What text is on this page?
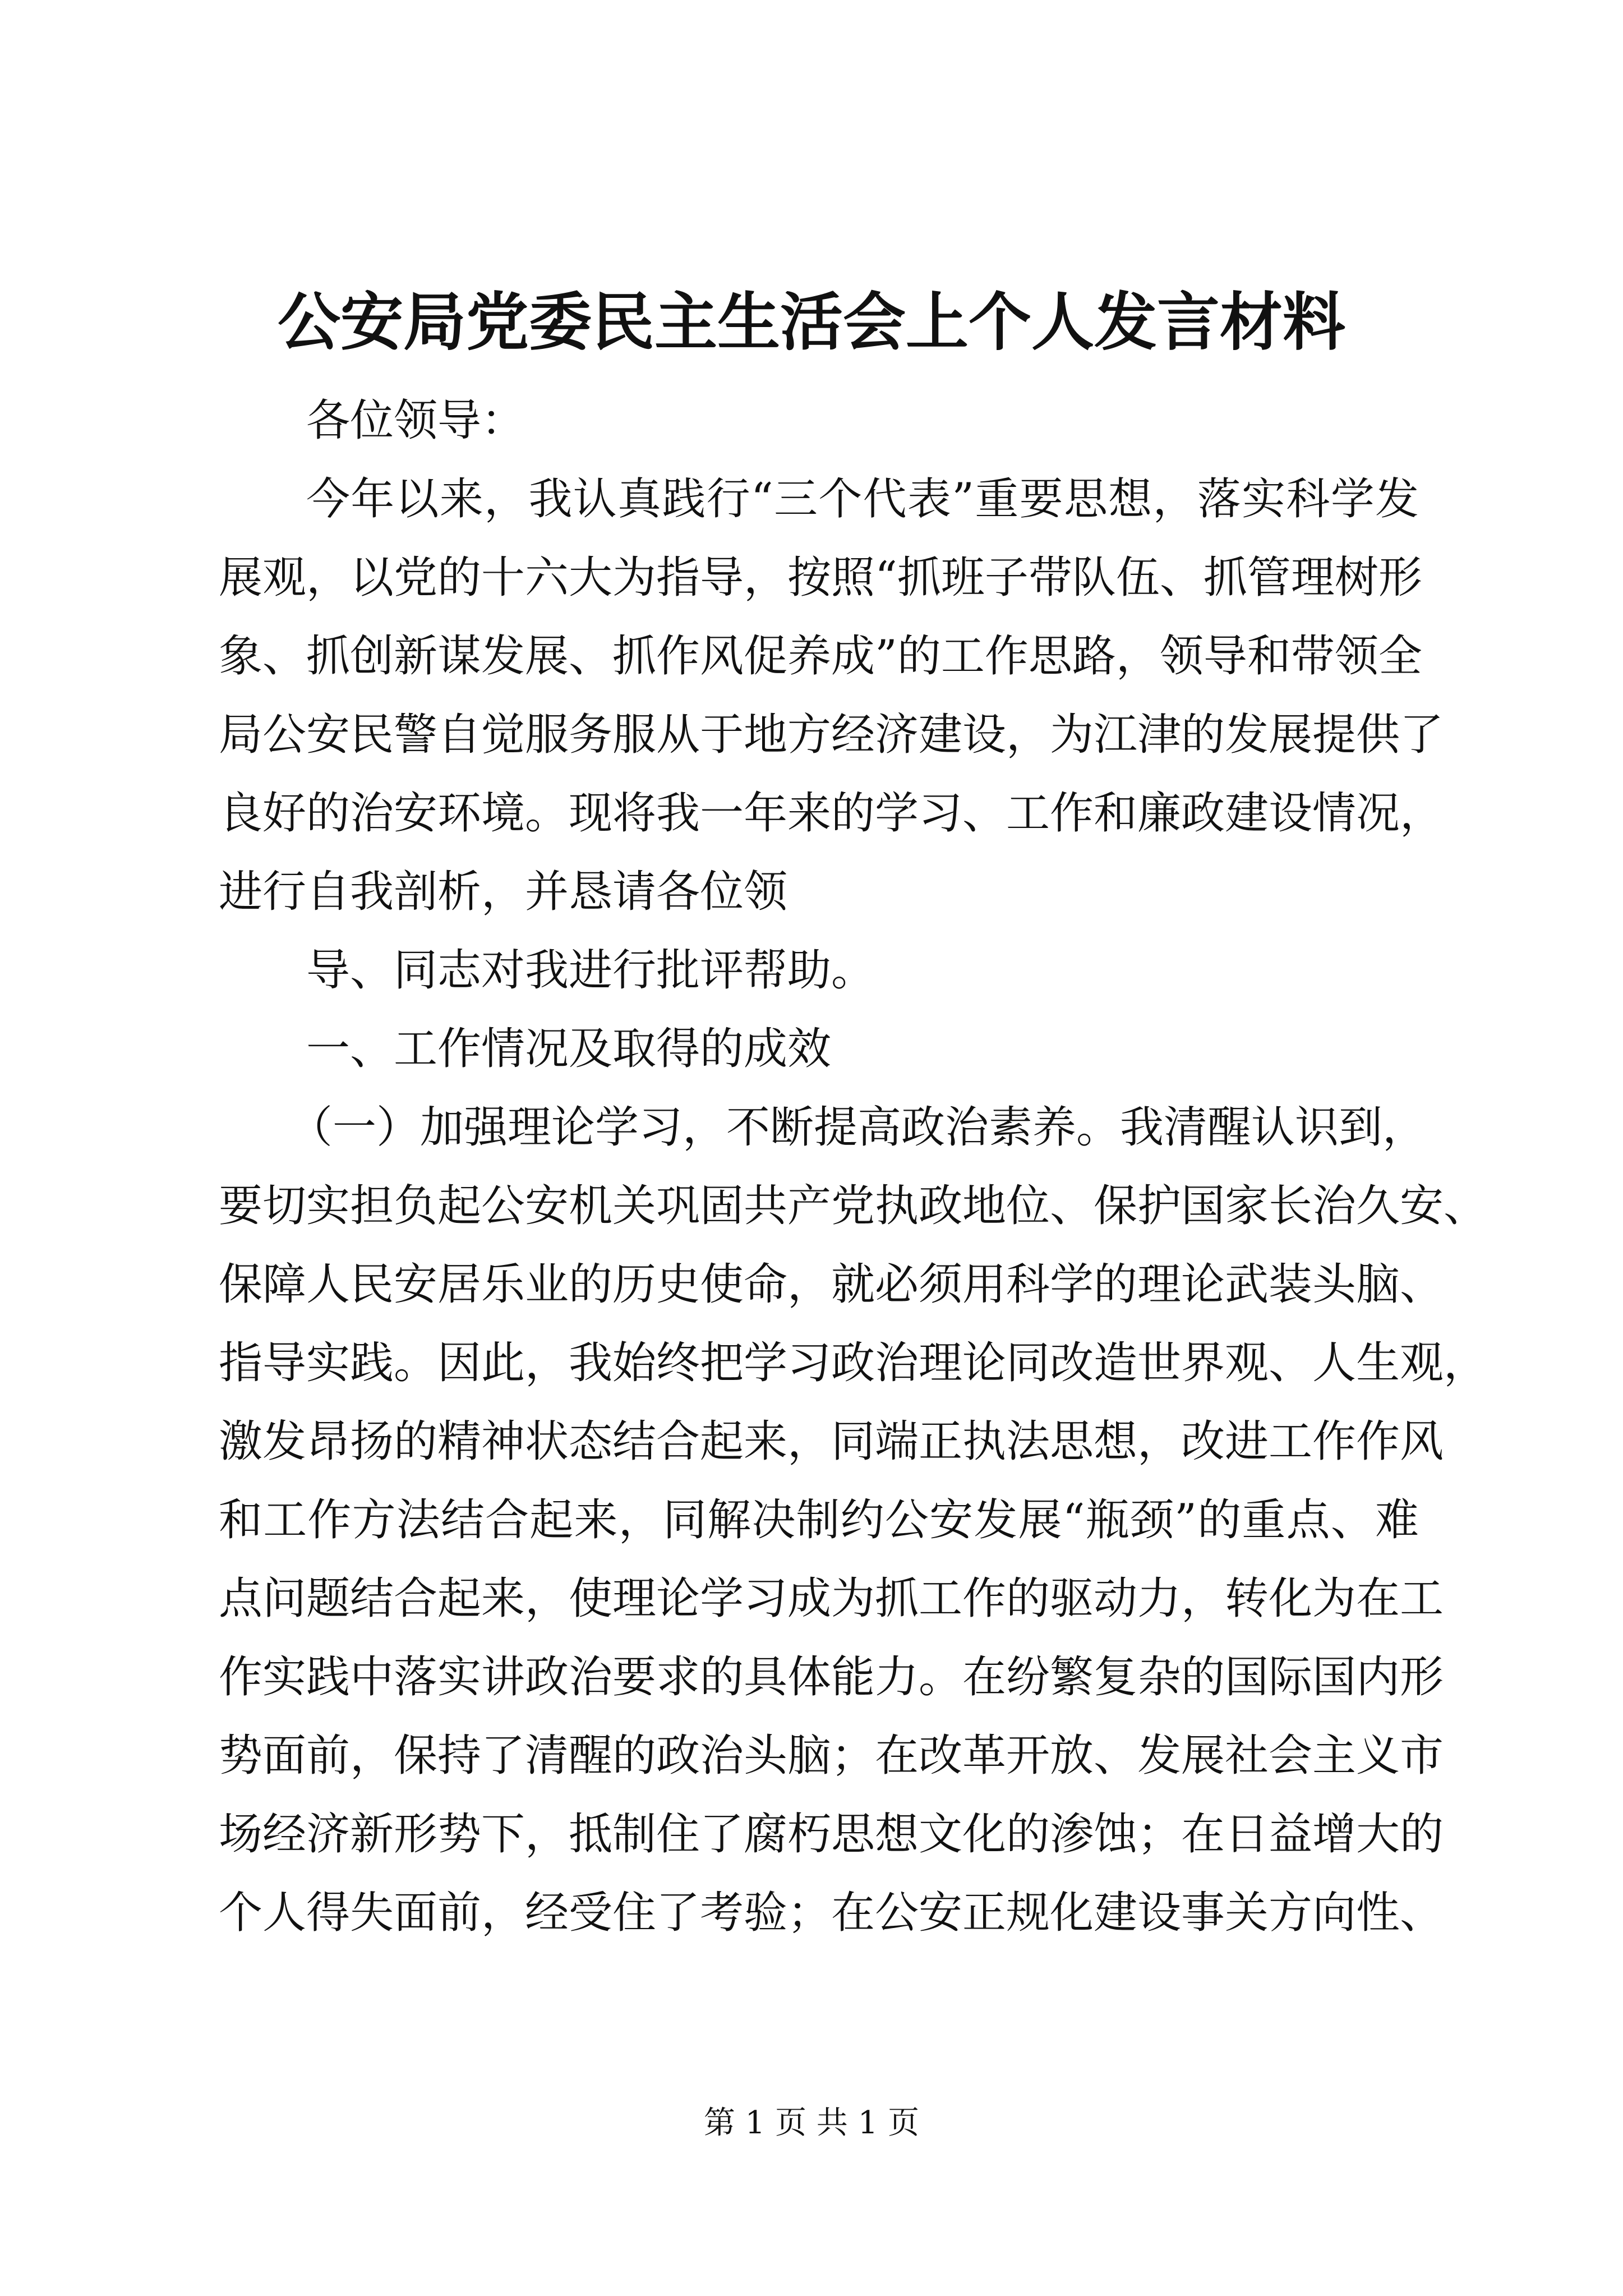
公安局党委民主生活会上个人发言材料
各位领导：
今年以来，我认真践行“三个代表”重要思想，落实科学发
展观，以党的十六大为指导，按照“抓班子带队伍、抓管理树形
象、抓创新谋发展、抓作风促养成”的工作思路，领导和带领全
局公安民警自觉服务服从于地方经济建设，为江津的发展提供了
良好的治安环境。现将我一年来的学习、工作和廉政建设情况，
进行自我剖析，并恳请各位领
导、同志对我进行批评帮助。
一、工作情况及取得的成效
（一）加强理论学习，不断提高政治素养。我清醒认识到，
要切实担负起公安机关巩固共产党执政地位、保护国家长治久安、
保障人民安居乐业的历史使命，就必须用科学的理论武装头脑、
指导实践。因此，我始终把学习政治理论同改造世界观、人生观，
激发昂扬的精神状态结合起来，同端正执法思想，改进工作作风
和工作方法结合起来，同解决制约公安发展“瓶颈”的重点、难
点问题结合起来，使理论学习成为抓工作的驱动力，转化为在工
作实践中落实讲政治要求的具体能力。在纷繁复杂的国际国内形
势面前，保持了清醒的政治头脑；在改革开放、发展社会主义市
场经济新形势下，抵制住了腐朽思想文化的渗蚀；在日益增大的
个人得失面前，经受住了考验；在公安正规化建设事关方向性、
第 1 页 共 1 页
